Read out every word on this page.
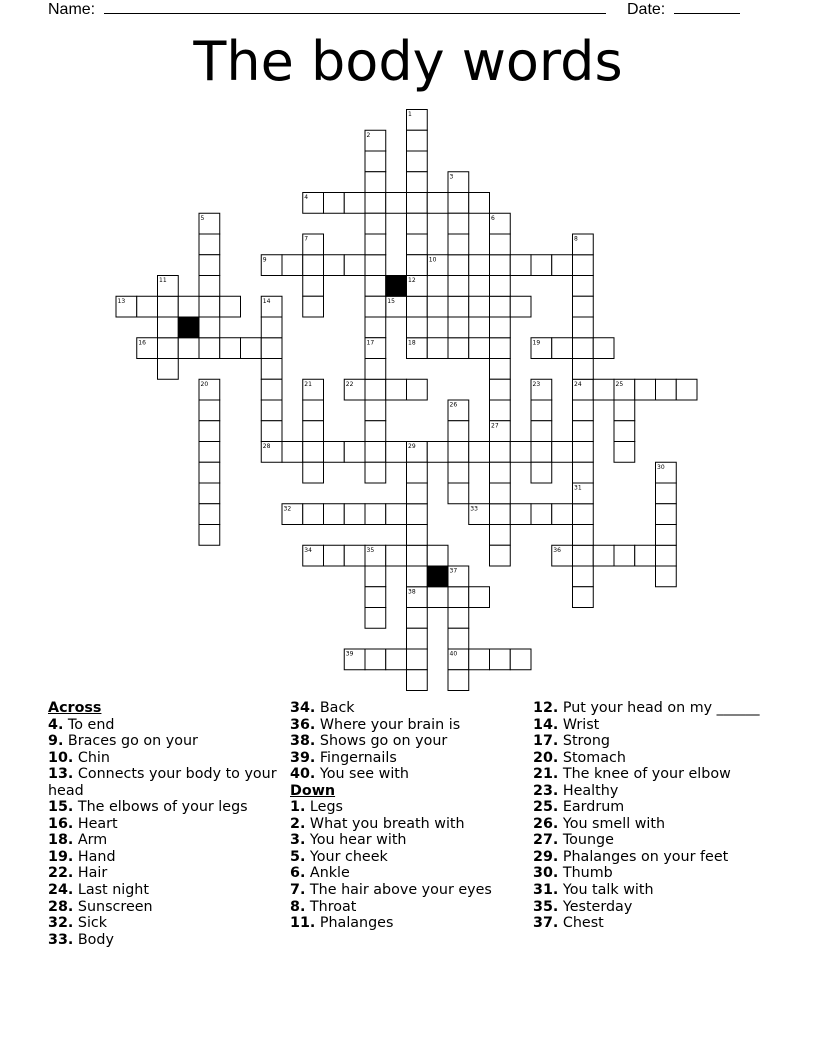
Name:	Date:
The body words
1
2
3
4
5	6
7	8
9	10
11	12
13	14	15
16	17	18	19
20	21	22	23	24	25
26
27
28	29
30
31
32	33
34	35	36
37
38
39	40
Across
4. To end
9. Braces go on your
10. Chin
13. Connects your body to your head
15. The elbows of your legs
16. Heart
18. Arm
19. Hand
22. Hair
24. Last night
28. Sunscreen
32. Sick
33. Body
34. Back
36. Where your brain is
38. Shows go on your
39. Fingernails
40. You see with
Down
1. Legs
2. What you breath with
3. You hear with
5. Your cheek
6. Ankle
7. The hair above your eyes
8. Throat
11. Phalanges
12. Put your head on my ______
14. Wrist
17. Strong
20. Stomach
21. The knee of your elbow
23. Healthy
25. Eardrum
26. You smell with
27. Tounge
29. Phalanges on your feet
30. Thumb
31. You talk with
35. Yesterday
37. Chest
